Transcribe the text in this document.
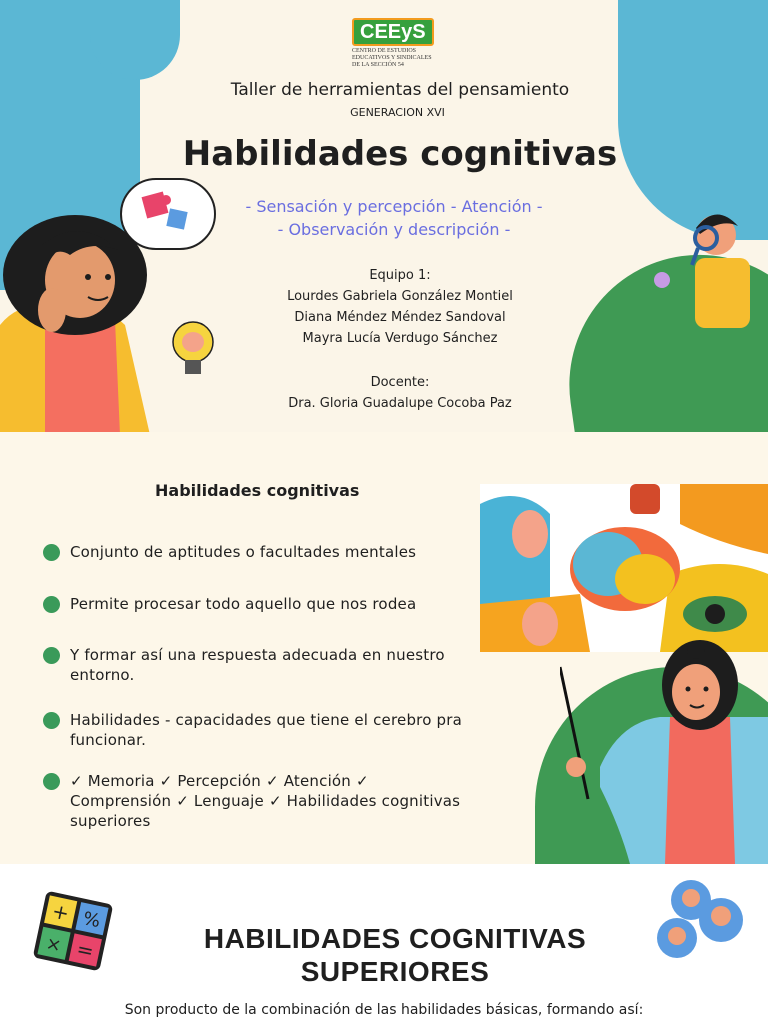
CEEyS
CENTRO DE ESTUDIOS
EDUCATIVOS Y SINDICALES
DE LA SECCIÓN 54
Taller de herramientas del pensamiento
GENERACION XVI
Habilidades cognitivas
- Sensación y percepción - Atención -
- Observación y descripción -
Equipo 1:
Lourdes Gabriela González Montiel
Diana Méndez Méndez Sandoval
Mayra Lucía Verdugo Sánchez
Docente:
Dra. Gloria Guadalupe Cocoba Paz
Habilidades cognitivas
Conjunto de aptitudes o facultades mentales
Permite procesar todo aquello que nos rodea
Y formar así una respuesta adecuada en nuestro entorno.
Habilidades - capacidades que tiene el cerebro pra funcionar.
✓ Memoria ✓ Percepción ✓ Atención ✓ Comprensión ✓ Lenguaje ✓ Habilidades cognitivas superiores
+ %
× =	HABILIDADES COGNITIVAS
SUPERIORES
Son producto de la combinación de las habilidades básicas, formando así:
